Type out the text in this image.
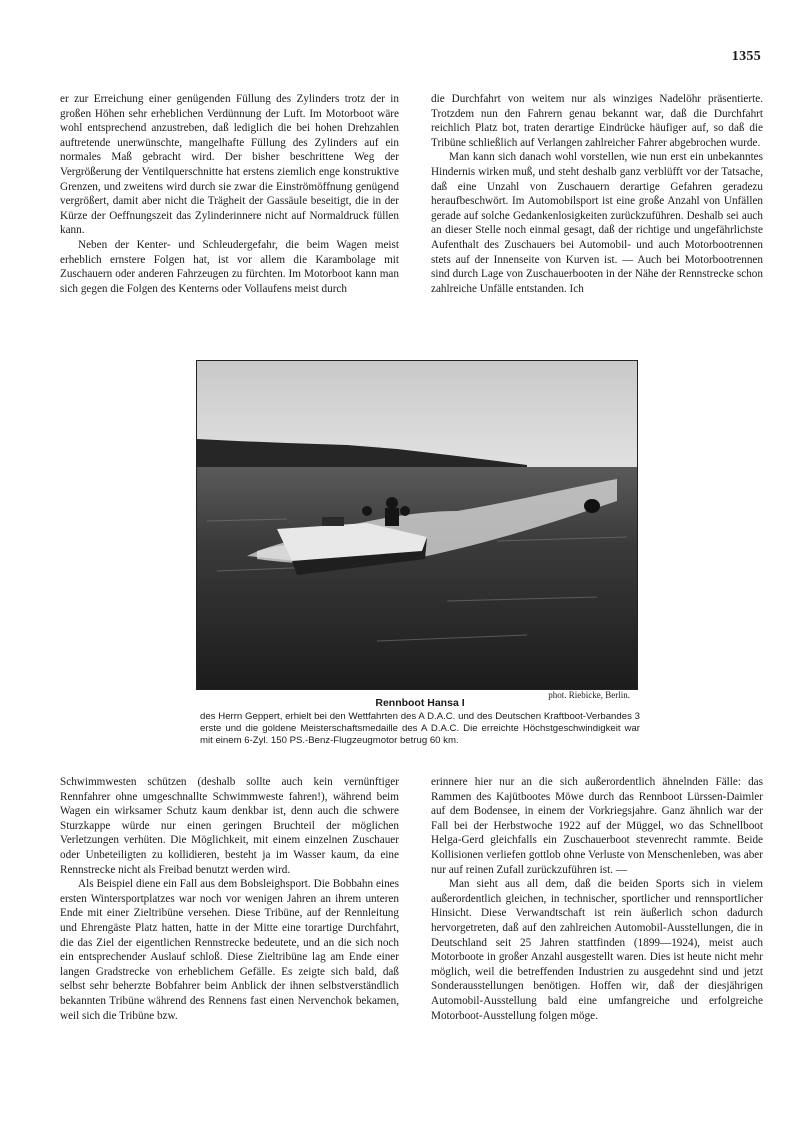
1355

er zur Erreichung einer genügenden Füllung des Zylinders trotz der in großen Höhen sehr erheblichen Verdünnung der Luft. Im Motorboot wäre wohl entsprechend anzustreben, daß lediglich die bei hohen Drehzahlen auftretende unerwünschte, mangelhafte Füllung des Zylinders auf ein normales Maß gebracht wird. Der bisher beschrittene Weg der Vergrößerung der Ventilquerschnitte hat erstens ziemlich enge konstruktive Grenzen, und zweitens wird durch sie zwar die Einströmöffnung genügend vergrößert, damit aber nicht die Trägheit der Gassäule beseitigt, die in der Kürze der Oeffnungszeit das Zylinderinnere nicht auf Normaldruck füllen kann.

Neben der Kenter- und Schleudergefahr, die beim Wagen meist erheblich ernstere Folgen hat, ist vor allem die Karambolage mit Zuschauern oder anderen Fahrzeugen zu fürchten. Im Motorboot kann man sich gegen die Folgen des Kenterns oder Vollaufens meist durch

die Durchfahrt von weitem nur als winziges Nadelöhr präsentierte. Trotzdem nun den Fahrern genau bekannt war, daß die Durchfahrt reichlich Platz bot, traten derartige Eindrücke häufiger auf, so daß die Tribüne schließlich auf Verlangen zahlreicher Fahrer abgebrochen wurde.

Man kann sich danach wohl vorstellen, wie nun erst ein unbekanntes Hindernis wirken muß, und steht deshalb ganz verblüfft vor der Tatsache, daß eine Unzahl von Zuschauern derartige Gefahren geradezu heraufbeschwört. Im Automobilsport ist eine große Anzahl von Unfällen gerade auf solche Gedankenlosigkeiten zurückzuführen. Deshalb sei auch an dieser Stelle noch einmal gesagt, daß der richtige und ungefährlichste Aufenthalt des Zuschauers bei Automobil- und auch Motorbootrennen stets auf der Innenseite von Kurven ist. — Auch bei Motorbootrennen sind durch Lage von Zuschauerbooten in der Nähe der Rennstrecke schon zahlreiche Unfälle entstanden. Ich

phot. Riebicke, Berlin.
Rennboot Hansa I
des Herrn Geppert, erhielt bei den Wettfahrten des A D.A.C. und des Deutschen Kraftboot-Verbandes 3 erste und die goldene Meisterschaftsmedaille des A D.A.C. Die erreichte Höchstgeschwindigkeit war mit einem 6-Zyl. 150 PS.-Benz-Flugzeugmotor betrug 60 km.

Schwimmwesten schützen (deshalb sollte auch kein vernünftiger Rennfahrer ohne umgeschnallte Schwimmweste fahren!), während beim Wagen ein wirksamer Schutz kaum denkbar ist, denn auch die schwere Sturzkappe würde nur einen geringen Bruchteil der möglichen Verletzungen verhüten. Die Möglichkeit, mit einem einzelnen Zuschauer oder Unbeteiligten zu kollidieren, besteht ja im Wasser kaum, da eine Rennstrecke nicht als Freibad benutzt werden wird.

Als Beispiel diene ein Fall aus dem Bobsleighsport. Die Bobbahn eines ersten Wintersportplatzes war noch vor wenigen Jahren an ihrem unteren Ende mit einer Zieltribüne versehen. Diese Tribüne, auf der Rennleitung und Ehrengäste Platz hatten, hatte in der Mitte eine torartige Durchfahrt, die das Ziel der eigentlichen Rennstrecke bedeutete, und an die sich noch ein entsprechender Auslauf schloß. Diese Zieltribüne lag am Ende einer langen Gradstrecke von erheblichem Gefälle. Es zeigte sich bald, daß selbst sehr beherzte Bobfahrer beim Anblick der ihnen selbstverständlich bekannten Tribüne während des Rennens fast einen Nervenchok bekamen, weil sich die Tribüne bzw.

erinnere hier nur an die sich außerordentlich ähnelnden Fälle: das Rammen des Kajütbootes Möwe durch das Rennboot Lürssen-Daimler auf dem Bodensee, in einem der Vorkriegsjahre. Ganz ähnlich war der Fall bei der Herbstwoche 1922 auf der Müggel, wo das Schnellboot Helga-Gerd gleichfalls ein Zuschauerboot stevenrecht rammte. Beide Kollisionen verliefen gottlob ohne Verluste von Menschenleben, was aber nur auf reinen Zufall zurückzuführen ist. —

Man sieht aus all dem, daß die beiden Sports sich in vielem außerordentlich gleichen, in technischer, sportlicher und rennsportlicher Hinsicht. Diese Verwandtschaft ist rein äußerlich schon dadurch hervorgetreten, daß auf den zahlreichen Automobil-Ausstellungen, die in Deutschland seit 25 Jahren stattfinden (1899—1924), meist auch Motorboote in großer Anzahl ausgestellt waren. Dies ist heute nicht mehr möglich, weil die betreffenden Industrien zu ausgedehnt sind und jetzt Sonderausstellungen benötigen. Hoffen wir, daß der diesjährigen Automobil-Ausstellung bald eine umfangreiche und erfolgreiche Motorboot-Ausstellung folgen möge.
